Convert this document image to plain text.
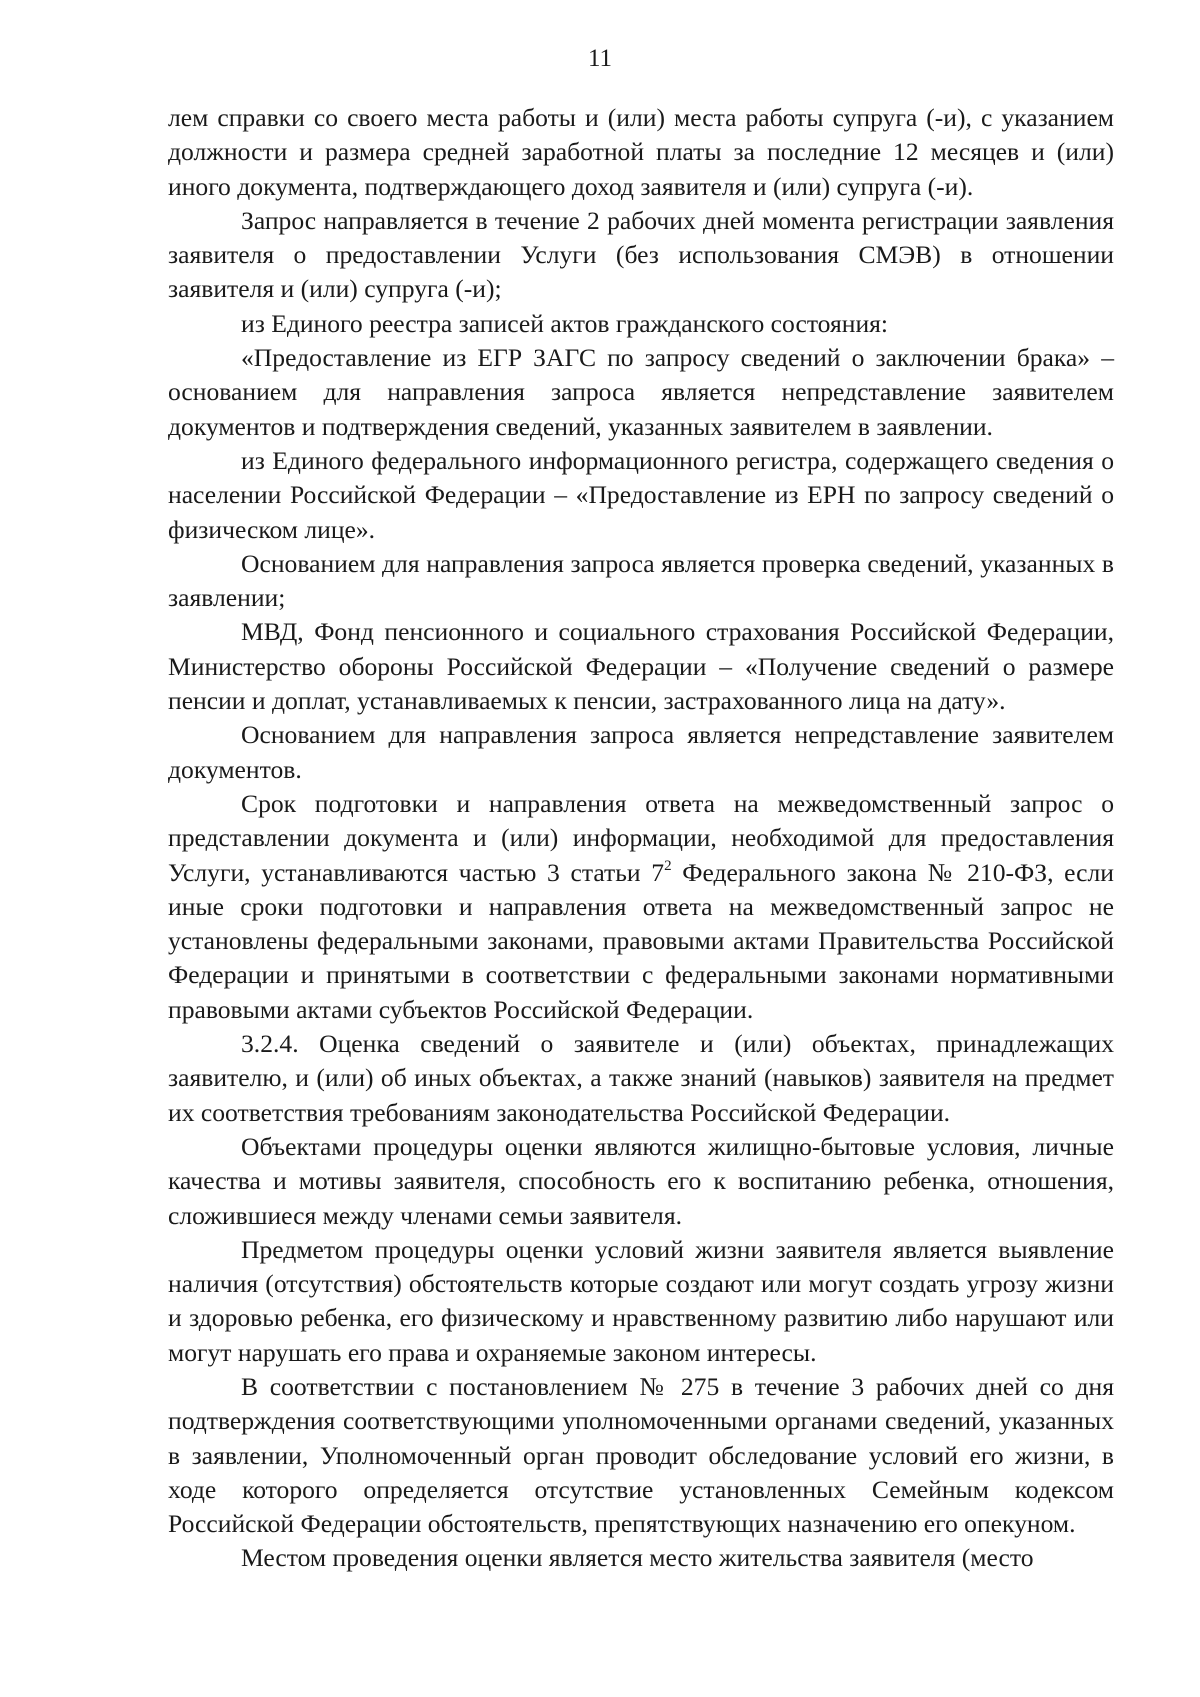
11

лем справки со своего места работы и (или) места работы супруга (-и), с указанием должности и размера средней заработной платы за последние 12 месяцев и (или) иного документа, подтверждающего доход заявителя и (или) супруга (-и).

Запрос направляется в течение 2 рабочих дней момента регистрации заявления заявителя о предоставлении Услуги (без использования СМЭВ) в отношении заявителя и (или) супруга (-и);

из Единого реестра записей актов гражданского состояния:

«Предоставление из ЕГР ЗАГС по запросу сведений о заключении брака» – основанием для направления запроса является непредставление заявителем документов и подтверждения сведений, указанных заявителем в заявлении.

из Единого федерального информационного регистра, содержащего сведения о населении Российской Федерации – «Предоставление из ЕРН по запросу сведений о физическом лице».

Основанием для направления запроса является проверка сведений, указанных в заявлении;

МВД, Фонд пенсионного и социального страхования Российской Федерации, Министерство обороны Российской Федерации – «Получение сведений о размере пенсии и доплат, устанавливаемых к пенсии, застрахованного лица на дату».

Основанием для направления запроса является непредставление заявителем документов.

Срок подготовки и направления ответа на межведомственный запрос о представлении документа и (или) информации, необходимой для предоставления Услуги, устанавливаются частью 3 статьи $7^2$ Федерального закона № 210-ФЗ, если иные сроки подготовки и направления ответа на межведомственный запрос не установлены федеральными законами, правовыми актами Правительства Российской Федерации и принятыми в соответствии с федеральными законами нормативными правовыми актами субъектов Российской Федерации.

3.2.4. Оценка сведений о заявителе и (или) объектах, принадлежащих заявителю, и (или) об иных объектах, а также знаний (навыков) заявителя на предмет их соответствия требованиям законодательства Российской Федерации.

Объектами процедуры оценки являются жилищно-бытовые условия, личные качества и мотивы заявителя, способность его к воспитанию ребенка, отношения, сложившиеся между членами семьи заявителя.

Предметом процедуры оценки условий жизни заявителя является выявление наличия (отсутствия) обстоятельств которые создают или могут создать угрозу жизни и здоровью ребенка, его физическому и нравственному развитию либо нарушают или могут нарушать его права и охраняемые законом интересы.

В соответствии с постановлением № 275 в течение 3 рабочих дней со дня подтверждения соответствующими уполномоченными органами сведений, указанных в заявлении, Уполномоченный орган проводит обследование условий его жизни, в ходе которого определяется отсутствие установленных Семейным кодексом Российской Федерации обстоятельств, препятствующих назначению его опекуном.

Местом проведения оценки является место жительства заявителя (место
